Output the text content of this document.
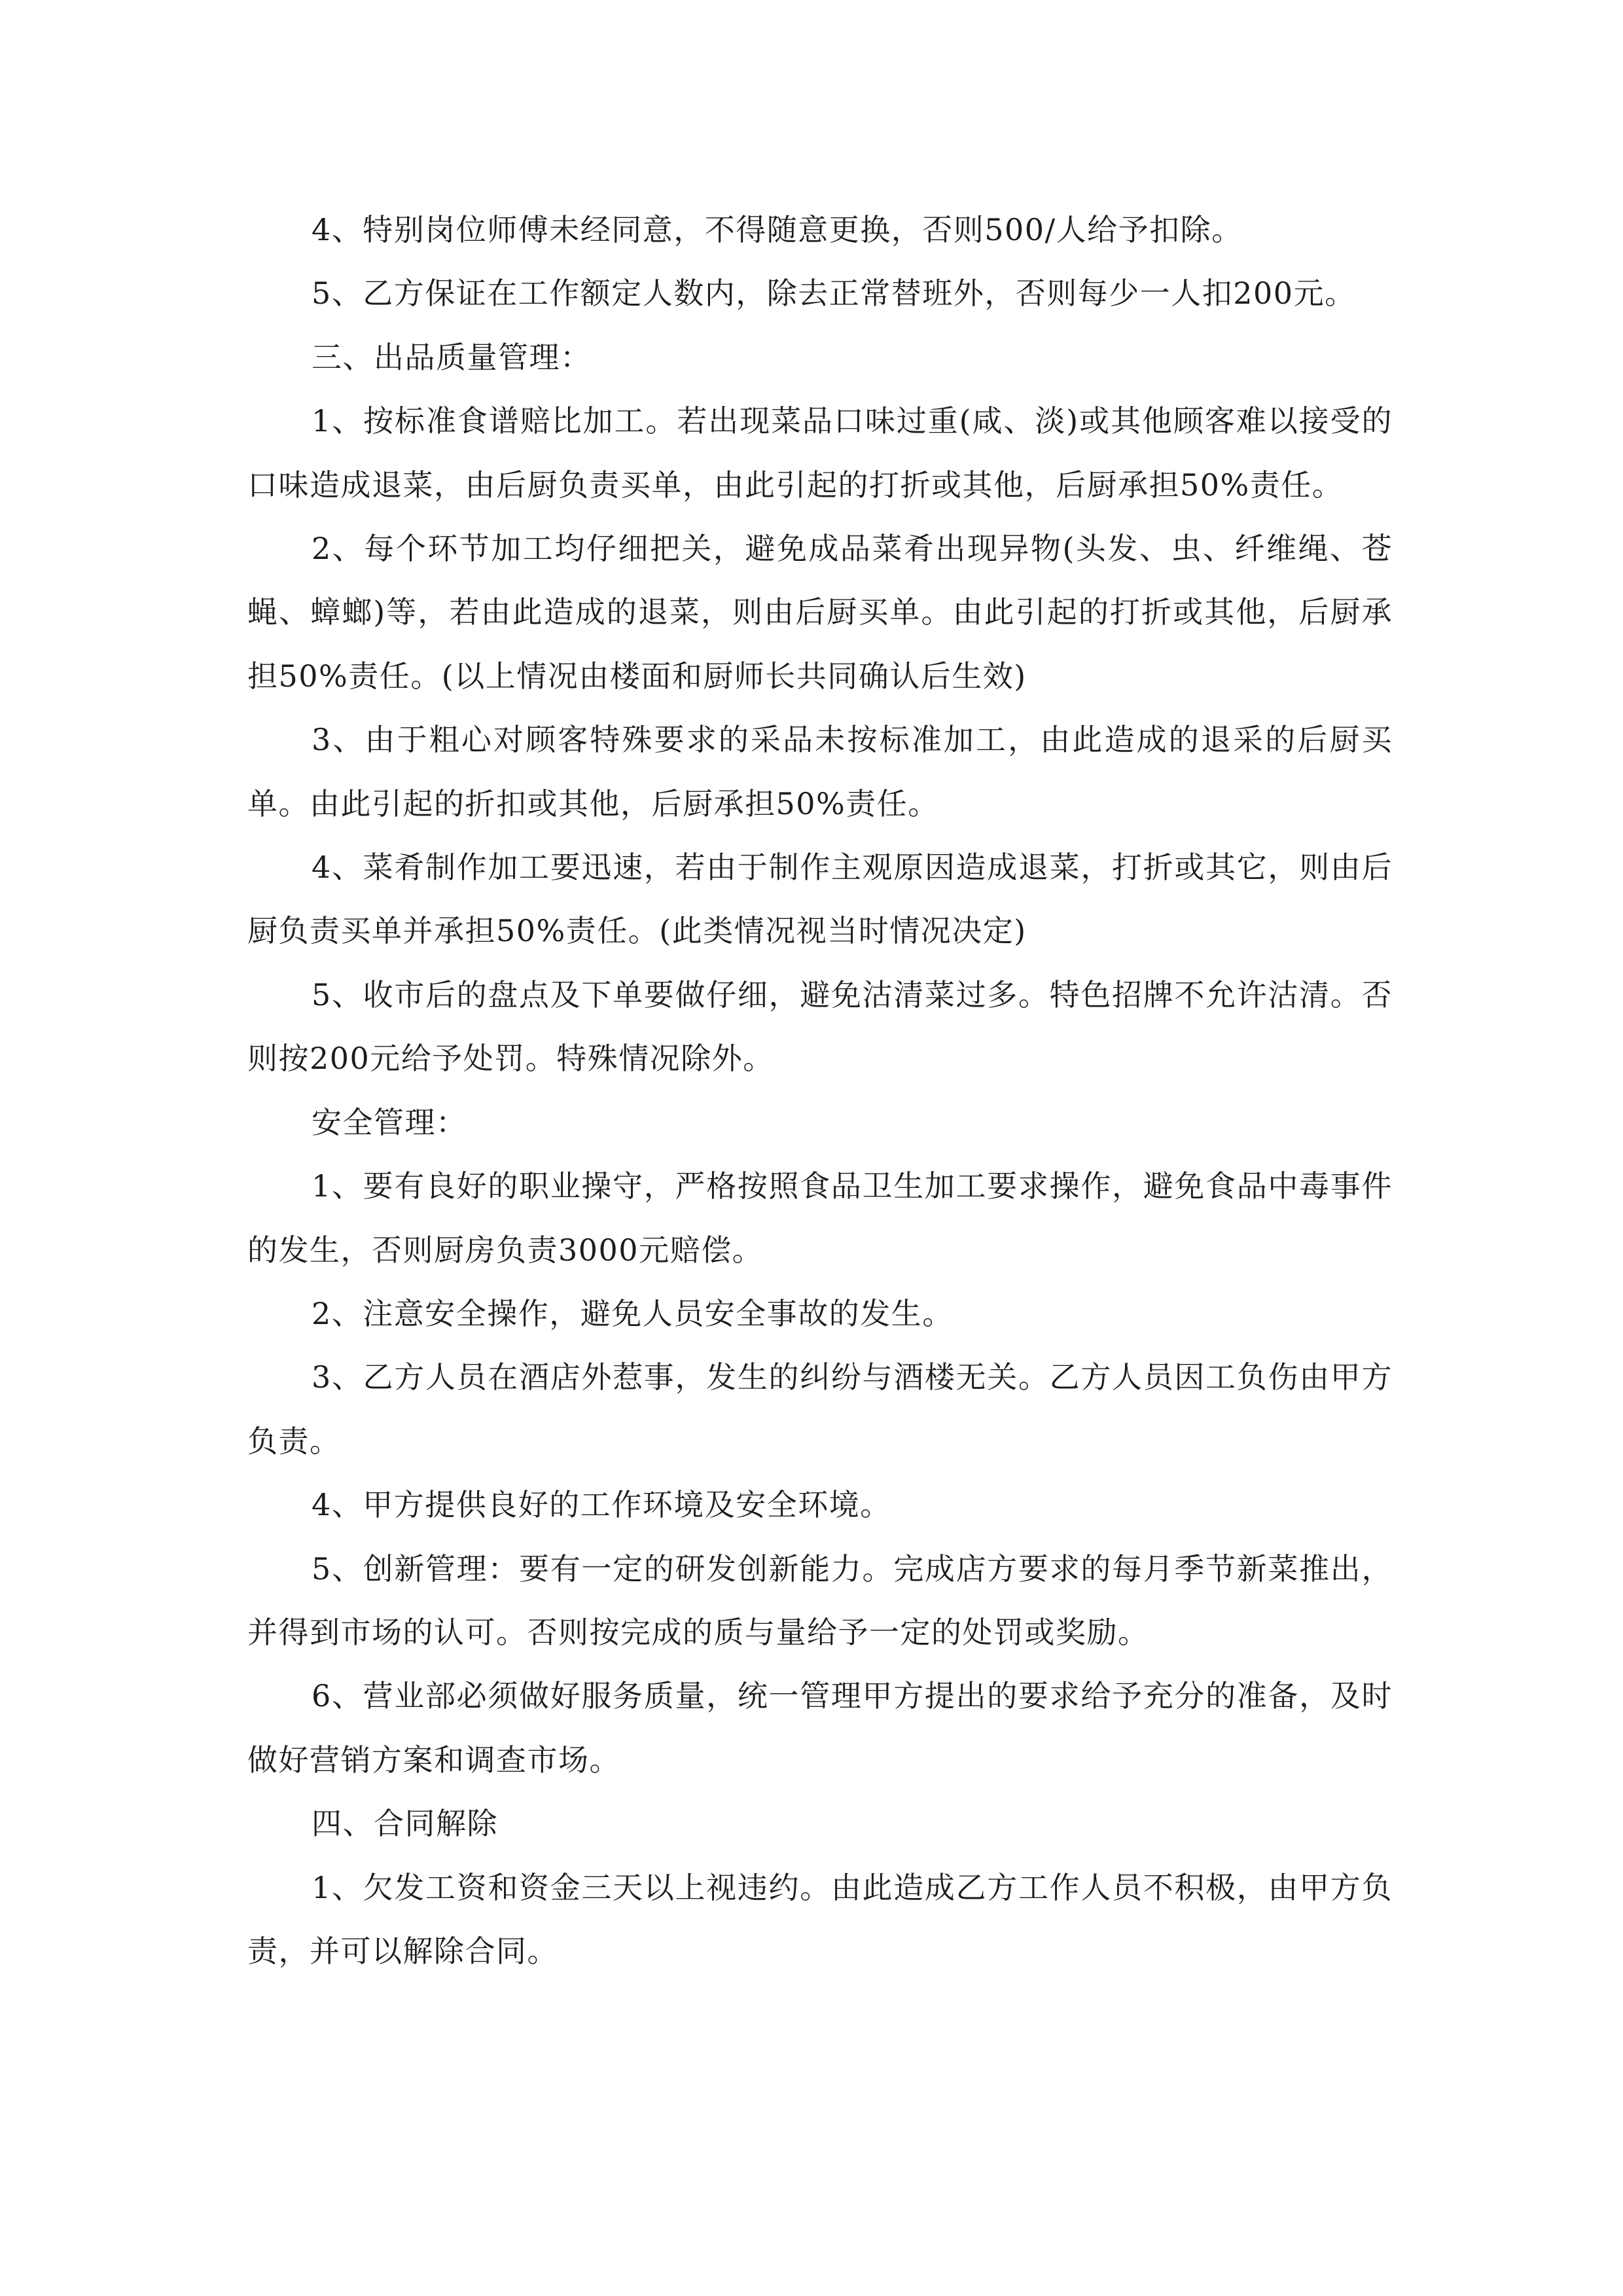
4、特别岗位师傅未经同意，不得随意更换，否则500/人给予扣除。

5、乙方保证在工作额定人数内，除去正常替班外，否则每少一人扣200元。

三、出品质量管理：

1、按标准食谱赔比加工。若出现菜品口味过重(咸、淡)或其他顾客难以接受的口味造成退菜，由后厨负责买单，由此引起的打折或其他，后厨承担50%责任。

2、每个环节加工均仔细把关，避免成品菜肴出现异物(头发、虫、纤维绳、苍蝇、蟑螂)等，若由此造成的退菜，则由后厨买单。由此引起的打折或其他，后厨承担50%责任。(以上情况由楼面和厨师长共同确认后生效)

3、由于粗心对顾客特殊要求的采品未按标准加工，由此造成的退采的后厨买单。由此引起的折扣或其他，后厨承担50%责任。

4、菜肴制作加工要迅速，若由于制作主观原因造成退菜，打折或其它，则由后厨负责买单并承担50%责任。(此类情况视当时情况决定)

5、收市后的盘点及下单要做仔细，避免沽清菜过多。特色招牌不允许沽清。否则按200元给予处罚。特殊情况除外。

安全管理：

1、要有良好的职业操守，严格按照食品卫生加工要求操作，避免食品中毒事件的发生，否则厨房负责3000元赔偿。

2、注意安全操作，避免人员安全事故的发生。

3、乙方人员在酒店外惹事，发生的纠纷与酒楼无关。乙方人员因工负伤由甲方负责。

4、甲方提供良好的工作环境及安全环境。

5、创新管理：要有一定的研发创新能力。完成店方要求的每月季节新菜推出，并得到市场的认可。否则按完成的质与量给予一定的处罚或奖励。

6、营业部必须做好服务质量，统一管理甲方提出的要求给予充分的准备，及时做好营销方案和调查市场。

四、合同解除

1、欠发工资和资金三天以上视违约。由此造成乙方工作人员不积极，由甲方负责，并可以解除合同。
